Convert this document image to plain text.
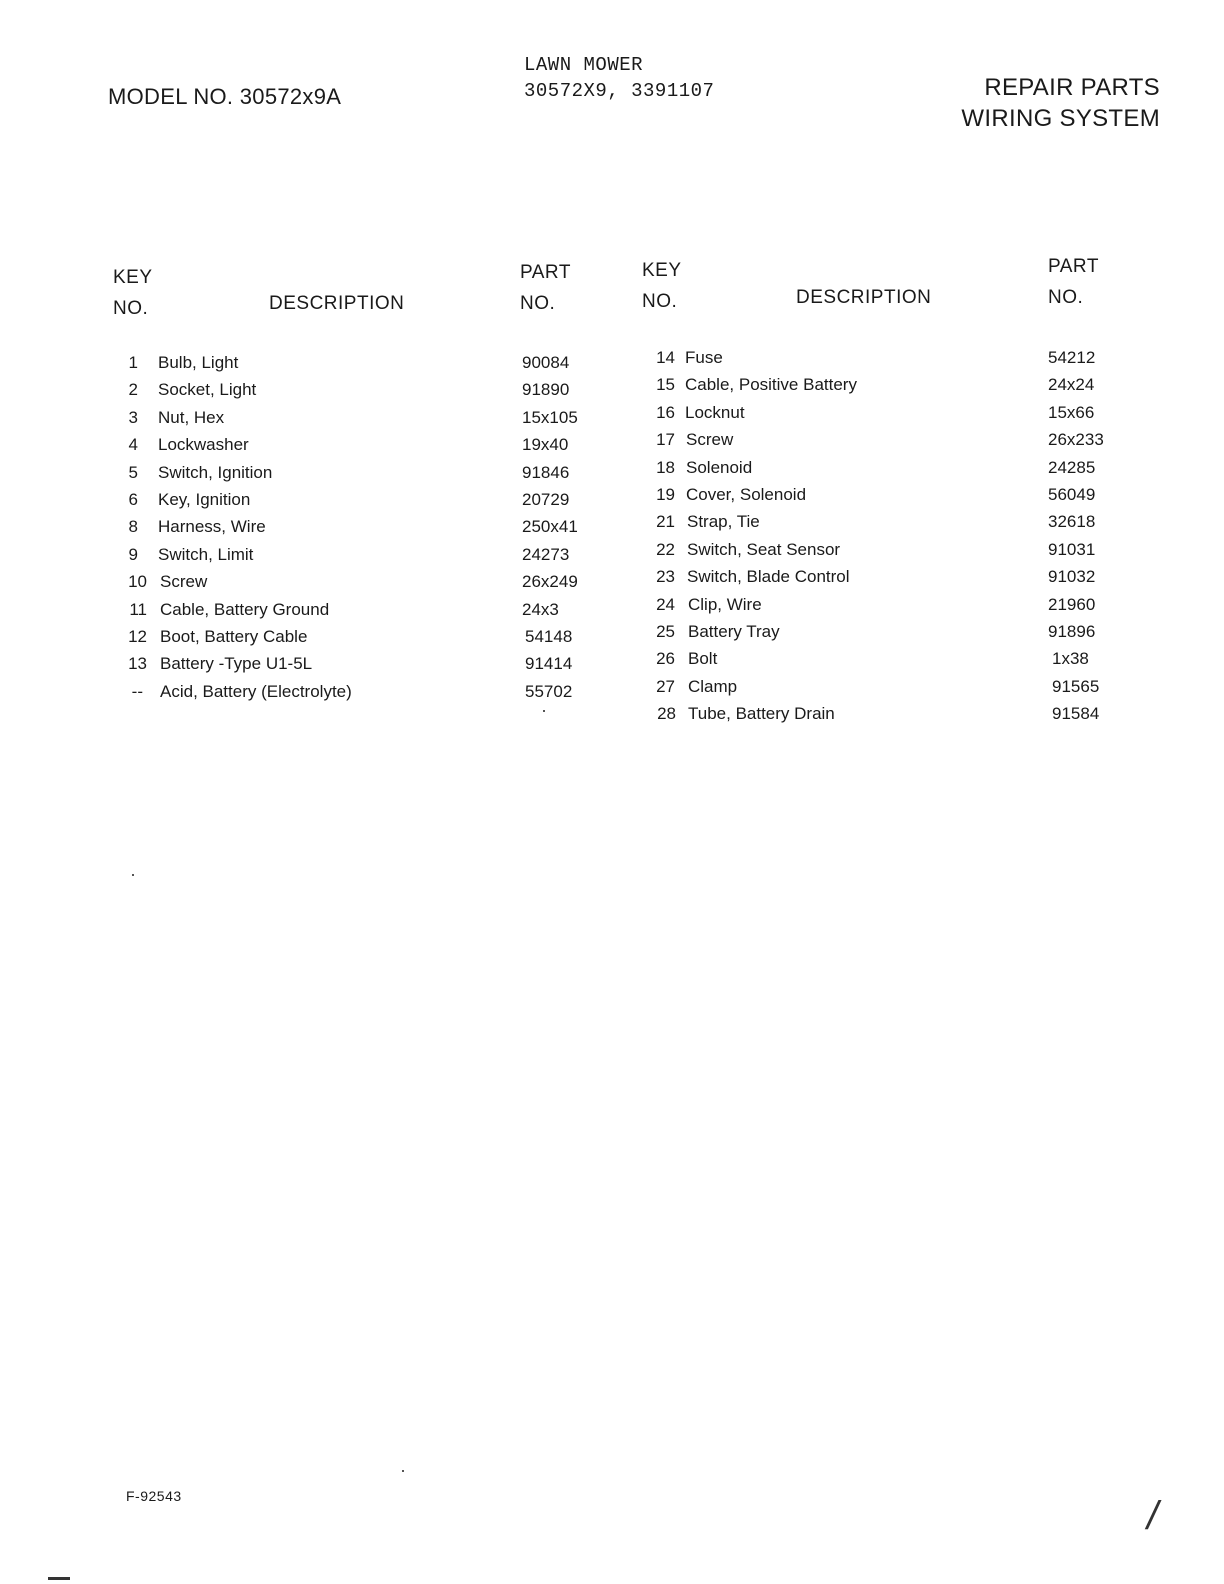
MODEL NO. 30572x9A
LAWN MOWER
30572X9, 3391107	REPAIR PARTS
WIRING SYSTEM
KEY
NO.	DESCRIPTION
PART
NO.
KEY
NO.	DESCRIPTION
PART
NO.
1 Bulb, Light	90084
2 Socket, Light	91890
3 Nut, Hex	15x105
4 Lockwasher	19x40
5 Switch, Ignition	91846
6 Key, Ignition	20729
8 Harness, Wire	250x41
9 Switch, Limit	24273
10 Screw	26x249
11 Cable, Battery Ground	24x3
12 Boot, Battery Cable	54148
13 Battery -Type U1-5L	91414
-- Acid, Battery (Electrolyte)	55702
14 Fuse	54212
15 Cable, Positive Battery	24x24
16 Locknut	15x66
17 Screw	26x233
18 Solenoid	24285
19 Cover, Solenoid	56049
21 Strap, Tie	32618
22 Switch, Seat Sensor	91031
23 Switch, Blade Control	91032
24 Clip, Wire	21960
25 Battery Tray	91896
26 Bolt	1x38
27 Clamp	91565
28 Tube, Battery Drain	91584
F-92543	/
